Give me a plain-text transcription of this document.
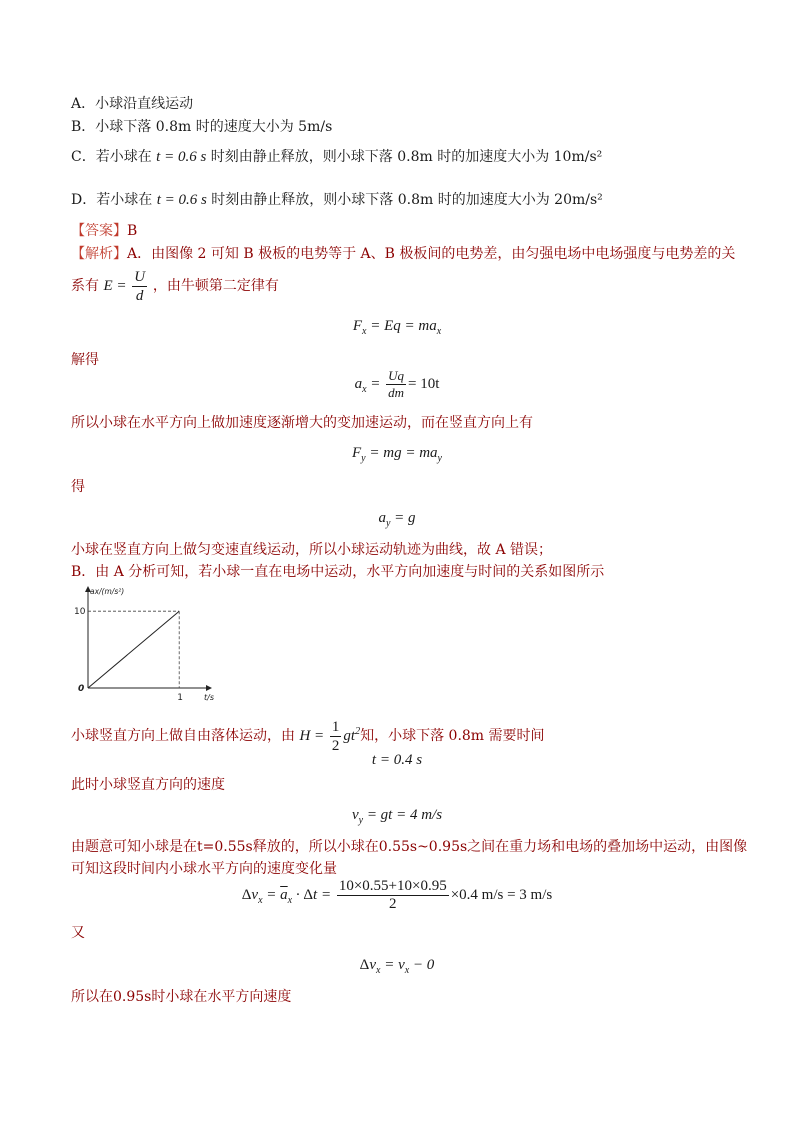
A．小球沿直线运动
B．小球下落 0.8m 时的速度大小为 5m/s
C．若小球在 t = 0.6 s 时刻由静止释放，则小球下落 0.8m 时的加速度大小为 10m/s²
D．若小球在 t = 0.6 s 时刻由静止释放，则小球下落 0.8m 时的加速度大小为 20m/s²
【答案】B
【解析】A．由图像 2 可知 B 极板的电势等于 A、B 极板间的电势差，由匀强电场中电场强度与电势差的关
系有 $E = \frac{U}{d}$ ，由牛顿第二定律有
$F_x = Eq = ma_x$
解得
$a_x = \frac{Uq}{dm} = 10t$
所以小球在水平方向上做加速度逐渐增大的变加速运动，而在竖直方向上有
$F_y$ = mg = $ma_y$
得
$a_y = g$
小球在竖直方向上做匀变速直线运动，所以小球运动轨迹为曲线，故 A 错误；
B．由 A 分析可知，若小球一直在电场中运动，水平方向加速度与时间的关系如图所示
ax/(m/s²)
t/s
0
10
1
小球竖直方向上做自由落体运动，由 $H = \frac{1}{2} gt^2$知，小球下落 0.8m 需要时间
t = 0.4 s
此时小球竖直方向的速度
$v_y$ = gt = 4 m/s
由题意可知小球是在t=0.55s释放的，所以小球在0.55s~0.95s之间在重力场和电场的叠加场中运动，由图像
可知这段时间内小球水平方向的速度变化量
$\Delta v_x = \overline{a}_x \cdot \Delta t = \frac{10\times 0.55+10\times 0.95}{2} \times 0.4$ m/s = 3 m/s
又
$\Delta v_x = v_x - 0$
所以在0.95s时小球在水平方向速度
